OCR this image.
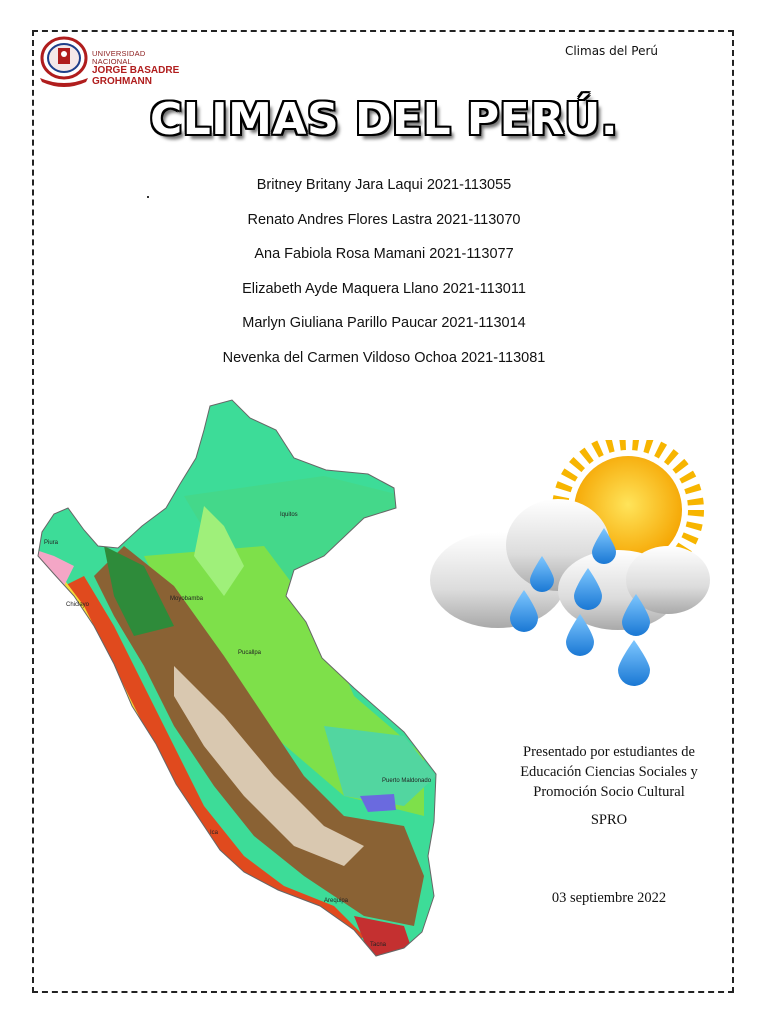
UNIVERSIDAD NACIONAL
JORGE BASADRE
GROHMANN
Climas del Perú
CLIMAS DEL PERÚ.
Britney Britany Jara Laqui 2021-113055
Renato Andres Flores Lastra 2021-113070
Ana Fabiola Rosa Mamani 2021-113077
Elizabeth Ayde Maquera Llano 2021-113011
Marlyn Giuliana Parillo Paucar 2021-113014
Nevenka del Carmen Vildoso Ochoa 2021-113081
Iquitos
Piura
Chiclayo
Moyobamba
Pucallpa
Puerto Maldonado
Ica
Arequipa
Tacna
Presentado por estudiantes de
Educación Ciencias Sociales y
Promoción Socio Cultural
SPRO
03 septiembre 2022
